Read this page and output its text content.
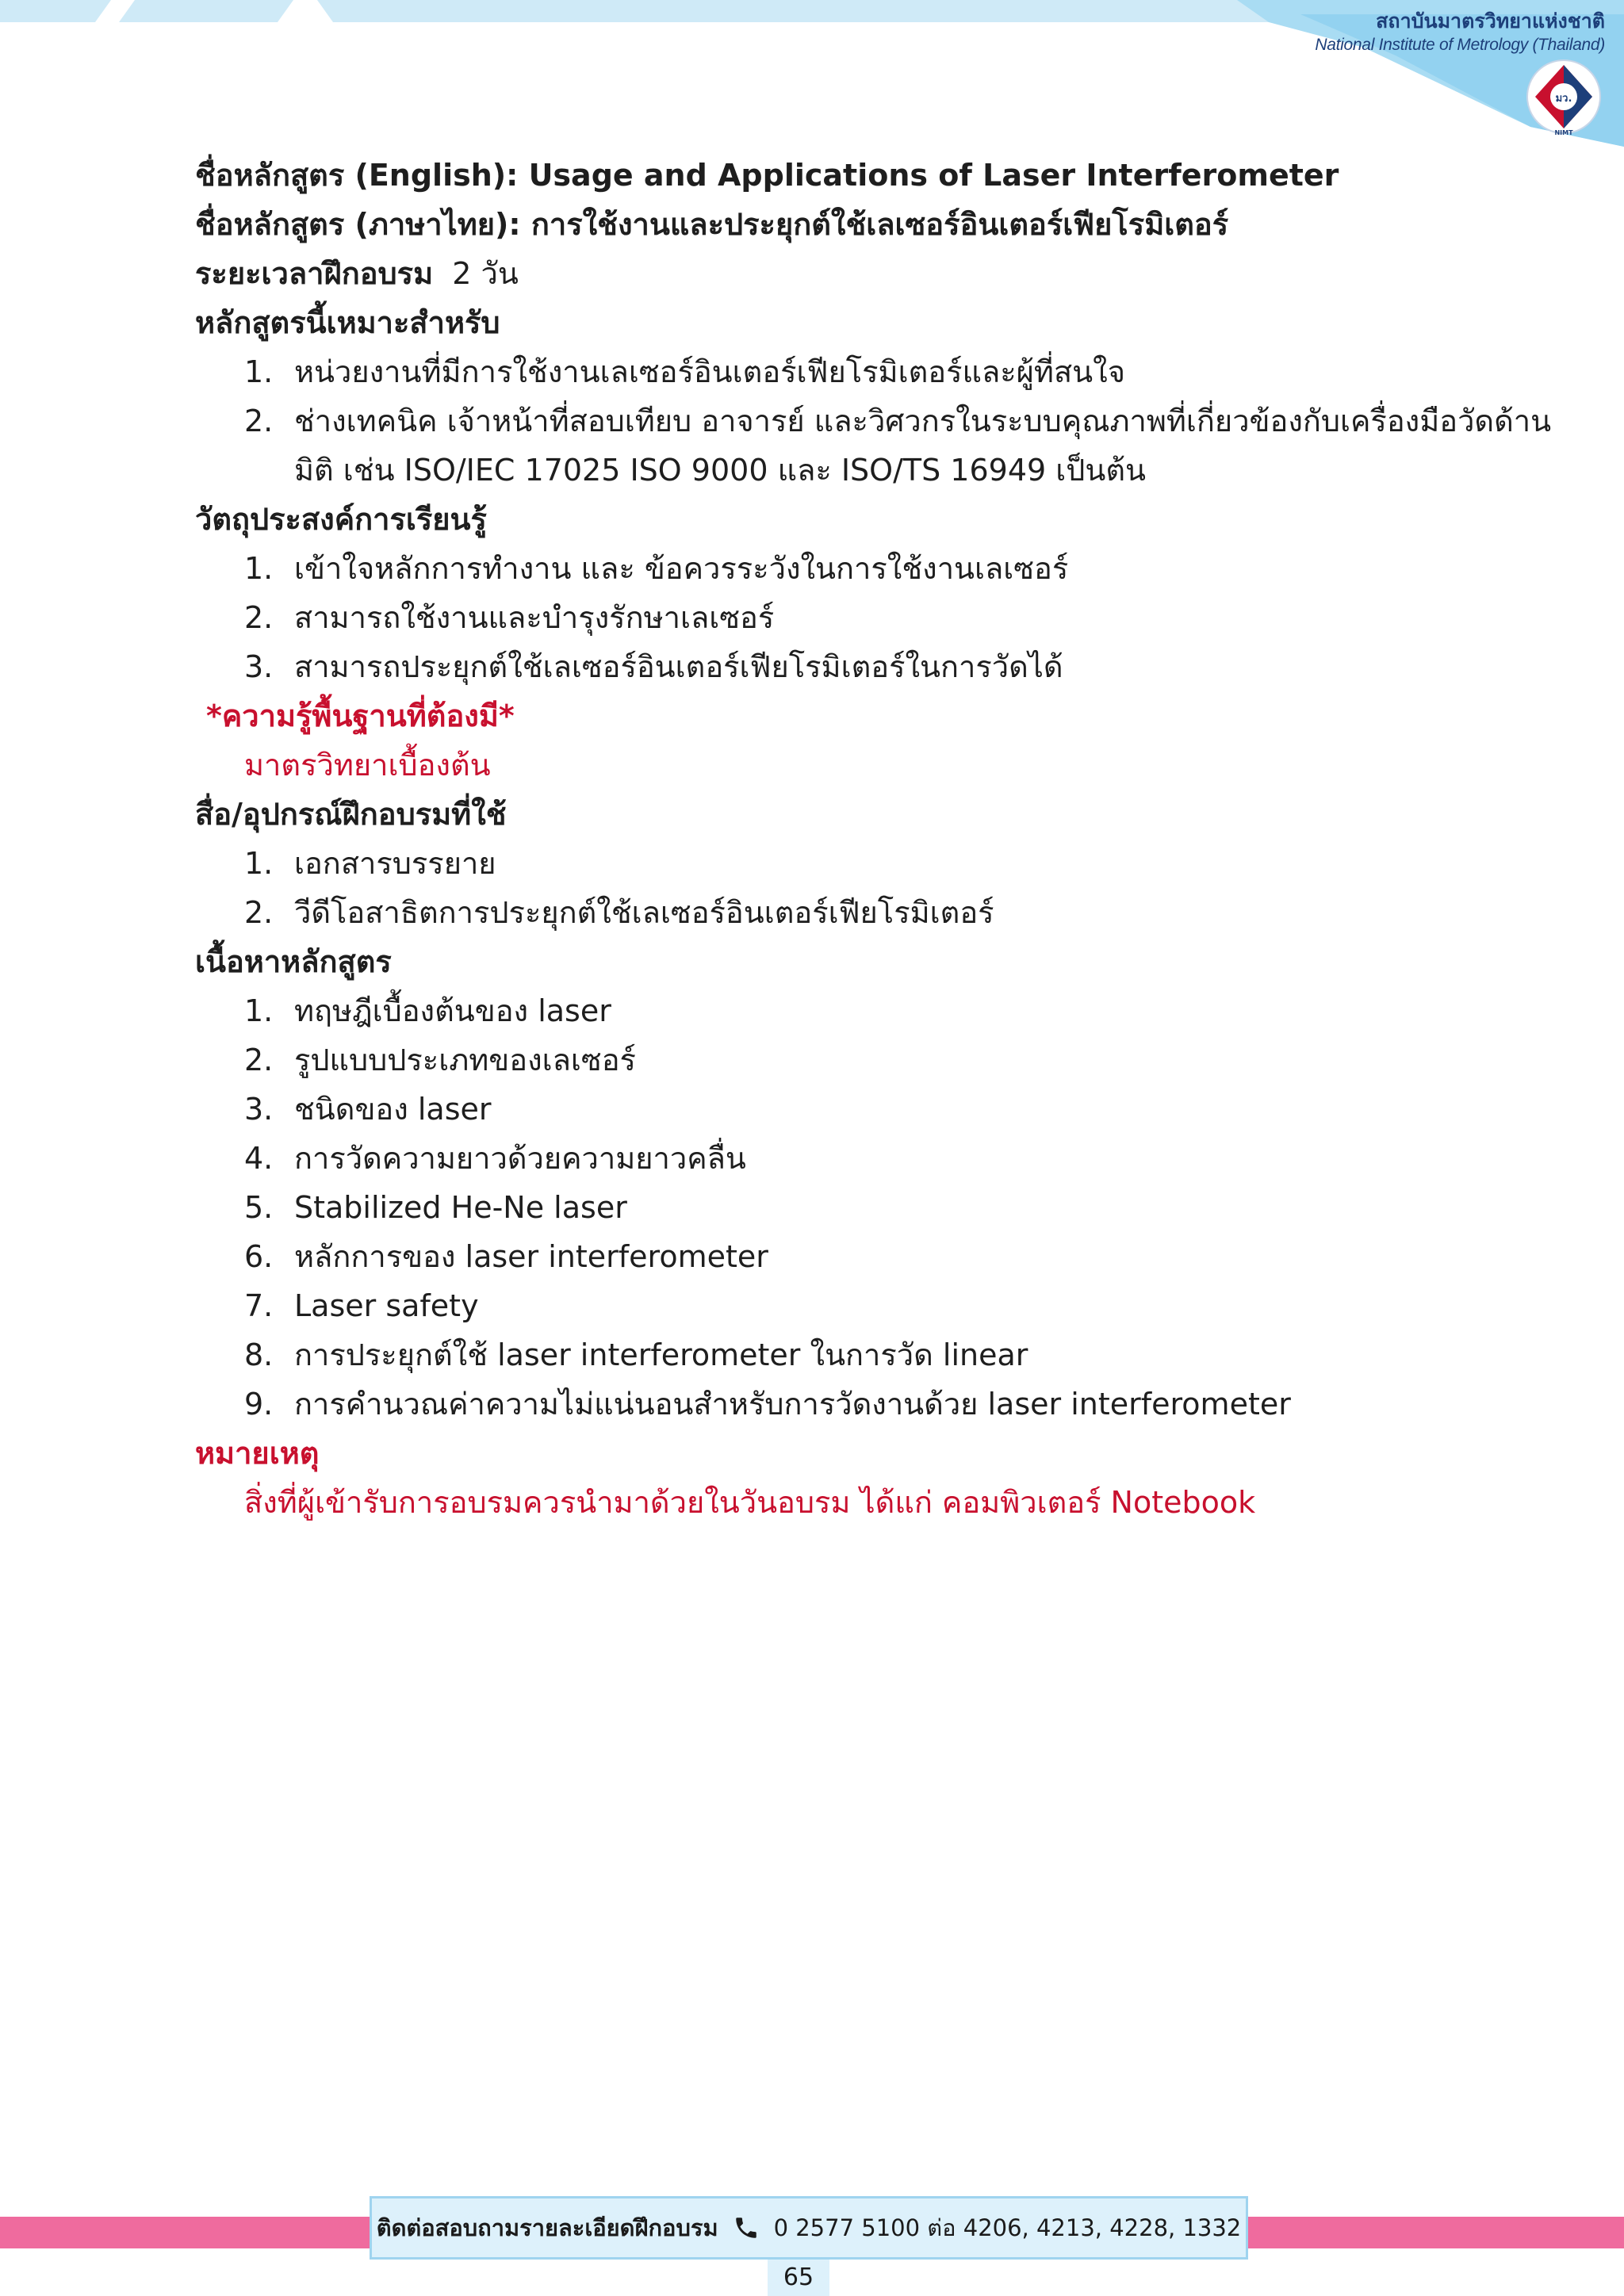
สถาบันมาตรวิทยาแห่งชาติ
National Institute of Metrology (Thailand)
มว.
NIMT
ชื่อหลักสูตร (English): Usage and Applications of Laser Interferometer
ชื่อหลักสูตร (ภาษาไทย): การใช้งานและประยุกต์ใช้เลเซอร์อินเตอร์เฟียโรมิเตอร์
ระยะเวลาฝึกอบรม 2 วัน
หลักสูตรนี้เหมาะสำหรับ
1. หน่วยงานที่มีการใช้งานเลเซอร์อินเตอร์เฟียโรมิเตอร์และผู้ที่สนใจ
2. ช่างเทคนิค เจ้าหน้าที่สอบเทียบ อาจารย์ และวิศวกรในระบบคุณภาพที่เกี่ยวข้องกับเครื่องมือวัดด้าน
มิติ เช่น ISO/IEC 17025 ISO 9000 และ ISO/TS 16949 เป็นต้น
วัตถุประสงค์การเรียนรู้
1. เข้าใจหลักการทำงาน และ ข้อควรระวังในการใช้งานเลเซอร์
2. สามารถใช้งานและบำรุงรักษาเลเซอร์
3. สามารถประยุกต์ใช้เลเซอร์อินเตอร์เฟียโรมิเตอร์ในการวัดได้
*ความรู้พื้นฐานที่ต้องมี*
มาตรวิทยาเบื้องต้น
สื่อ/อุปกรณ์ฝึกอบรมที่ใช้
1. เอกสารบรรยาย
2. วีดีโอสาธิตการประยุกต์ใช้เลเซอร์อินเตอร์เฟียโรมิเตอร์
เนื้อหาหลักสูตร
1. ทฤษฎีเบื้องต้นของ laser
2. รูปแบบประเภทของเลเซอร์
3. ชนิดของ laser
4. การวัดความยาวด้วยความยาวคลื่น
5. Stabilized He-Ne laser
6. หลักการของ laser interferometer
7. Laser safety
8. การประยุกต์ใช้ laser interferometer ในการวัด linear
9. การคำนวณค่าความไม่แน่นอนสำหรับการวัดงานด้วย laser interferometer
หมายเหตุ
สิ่งที่ผู้เข้ารับการอบรมควรนำมาด้วยในวันอบรม ได้แก่ คอมพิวเตอร์ Notebook
ติดต่อสอบถามรายละเอียดฝึกอบรม 0 2577 5100 ต่อ 4206, 4213, 4228, 1332
65
